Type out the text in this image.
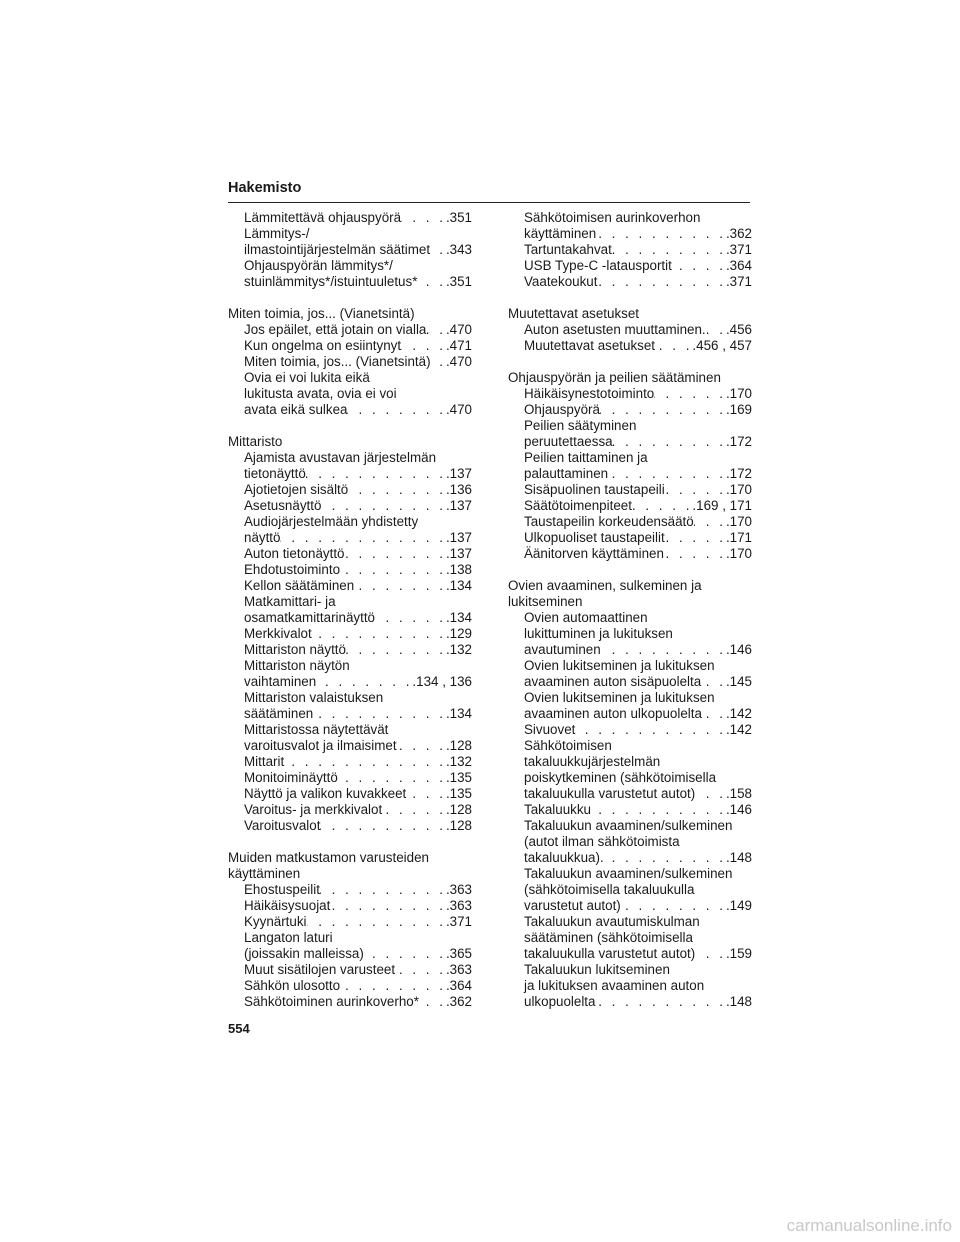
Hakemisto
Lämmitettävä ohjauspyörä . . .	.351
Lämmitys-/
ilmastointijärjestelmän säätimet . . . .343
Ohjauspyörän lämmitys*/
stuinlämmitys*/istuintuuletus* . . . .351
Miten toimia, jos... (Vianetsintä)
Jos epäilet, että jotain on vialla . . . .470
Kun ongelma on esiintynyt . . .	.471
Miten toimia, jos... (Vianetsintä) . . . .470
Ovia ei voi lukita eikä
lukitusta avata, ovia ei voi
avata eikä sulkea . . .	.470
Mittaristo
Ajamista avustavan järjestelmän
tietonäyttö . . .	.137
Ajotietojen sisältö . . .	.136
Asetusnäyttö . . .	.137
Audiojärjestelmään yhdistetty
näyttö . . .	.137
Auton tietonäyttö . . .	.137
Ehdotustoiminto . . .	.138
Kellon säätäminen . . .	.134
Matkamittari- ja
osamatkamittarinäyttö . . .	.134
Merkkivalot . . .	.129
Mittariston näyttö . . .	.132
Mittariston näytön
vaihtaminen . . .	.134 , 136
Mittariston valaistuksen
säätäminen . . .	.134
Mittaristossa näytettävät
varoitusvalot ja ilmaisimet . . .	.128
Mittarit . . .	.132
Monitoiminäyttö . . .	.135
Näyttö ja valikon kuvakkeet . . .	.135
Varoitus- ja merkkivalot . . .	.128
Varoitusvalot . . .	.128
Muiden matkustamon varusteiden
käyttäminen
Ehostuspeilit . . .	.363
Häikäisysuojat . . .	.363
Kyynärtuki . . .	.371
Langaton laturi
(joissakin malleissa) . . .	.365
Muut sisätilojen varusteet . . .	.363
Sähkön ulosotto . . .	.364
Sähkötoiminen aurinkoverho* . . . .362
Sähkötoimisen aurinkoverhon
käyttäminen . . .	.362
Tartuntakahvat . . .	.371
USB Type-C -latausportit . . .	.364
Vaatekoukut . . .	.371
Muutettavat asetukset
Auton asetusten muuttaminen. . . . .456
Muutettavat asetukset . . .	.456 , 457
Ohjauspyörän ja peilien säätäminen
Häikäisynestotoiminto . . .	.170
Ohjauspyörä . . .	.169
Peilien säätyminen
peruutettaessa . . .	.172
Peilien taittaminen ja
palauttaminen . . .	.172
Sisäpuolinen taustapeili . . .	.170
Säätötoimenpiteet . . .	.169 , 171
Taustapeilin korkeudensäätö . . . .170
Ulkopuoliset taustapeilit . . .	.171
Äänitorven käyttäminen . . .	.170
Ovien avaaminen, sulkeminen ja
lukitseminen
Ovien automaattinen
lukittuminen ja lukituksen
avautuminen . . .	.146
Ovien lukitseminen ja lukituksen
avaaminen auton sisäpuolelta . . . .145
Ovien lukitseminen ja lukituksen
avaaminen auton ulkopuolelta . . . .142
Sivuovet . . .	.142
Sähkötoimisen
takaluukkujärjestelmän
poiskytkeminen (sähkötoimisella
takaluukulla varustetut autot) . . . .158
Takaluukku . . .	.146
Takaluukun avaaminen/sulkeminen
(autot ilman sähkötoimista
takaluukkua). . . .	.148
Takaluukun avaaminen/sulkeminen
(sähkötoimisella takaluukulla
varustetut autot) . . .	.149
Takaluukun avautumiskulman
säätäminen (sähkötoimisella
takaluukulla varustetut autot) . . . .159
Takaluukun lukitseminen
ja lukituksen avaaminen auton
ulkopuolelta . . .	.148
554
carmanualsonline.info
